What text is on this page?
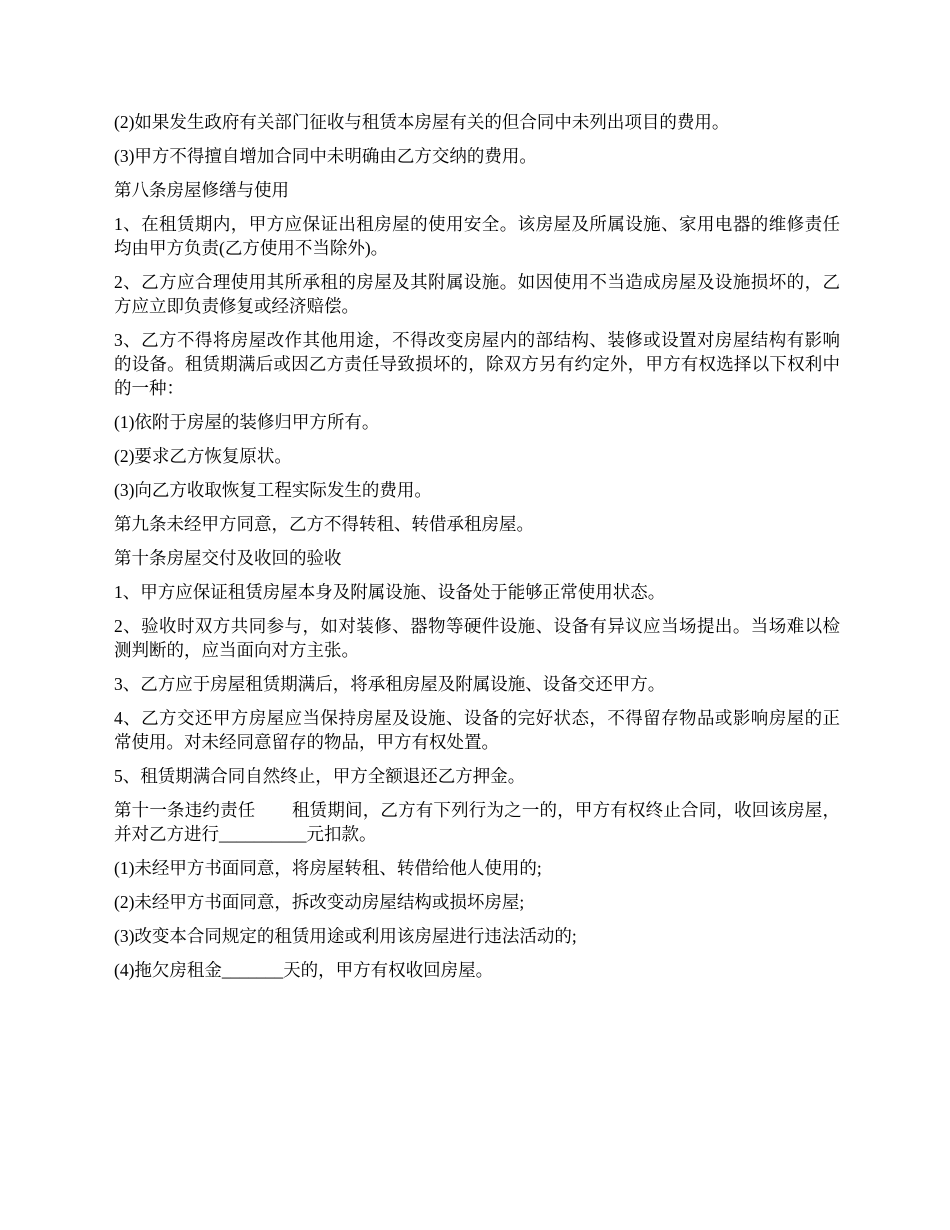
(2)如果发生政府有关部门征收与租赁本房屋有关的但合同中未列出项目的费用。

(3)甲方不得擅自增加合同中未明确由乙方交纳的费用。

第八条房屋修缮与使用

1、在租赁期内，甲方应保证出租房屋的使用安全。该房屋及所属设施、家用电器的维修责任均由甲方负责(乙方使用不当除外)。

2、乙方应合理使用其所承租的房屋及其附属设施。如因使用不当造成房屋及设施损坏的，乙方应立即负责修复或经济赔偿。

3、乙方不得将房屋改作其他用途，不得改变房屋内的部结构、装修或设置对房屋结构有影响的设备。租赁期满后或因乙方责任导致损坏的，除双方另有约定外，甲方有权选择以下权利中的一种：

(1)依附于房屋的装修归甲方所有。

(2)要求乙方恢复原状。

(3)向乙方收取恢复工程实际发生的费用。

第九条未经甲方同意，乙方不得转租、转借承租房屋。

第十条房屋交付及收回的验收

1、甲方应保证租赁房屋本身及附属设施、设备处于能够正常使用状态。

2、验收时双方共同参与，如对装修、器物等硬件设施、设备有异议应当场提出。当场难以检测判断的，应当面向对方主张。

3、乙方应于房屋租赁期满后，将承租房屋及附属设施、设备交还甲方。

4、乙方交还甲方房屋应当保持房屋及设施、设备的完好状态，不得留存物品或影响房屋的正常使用。对未经同意留存的物品，甲方有权处置。

5、租赁期满合同自然终止，甲方全额退还乙方押金。

第十一条违约责任        租赁期间，乙方有下列行为之一的，甲方有权终止合同，收回该房屋，并对乙方进行__________元扣款。

(1)未经甲方书面同意，将房屋转租、转借给他人使用的;

(2)未经甲方书面同意，拆改变动房屋结构或损坏房屋;

(3)改变本合同规定的租赁用途或利用该房屋进行违法活动的;

(4)拖欠房租金_______天的，甲方有权收回房屋。
